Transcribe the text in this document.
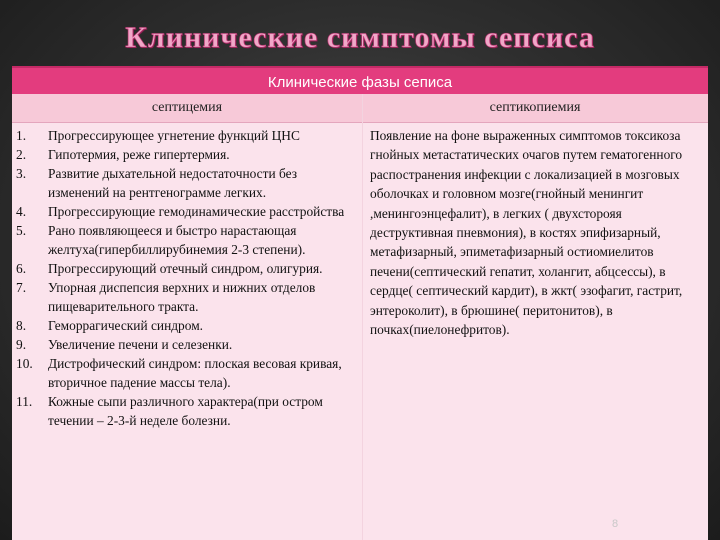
Клинические симптомы сепсиса
Клинические фазы сеписа
септицемия	септикопиемия
1.	Прогрессирующее угнетение функций ЦНС
2.	Гипотермия, реже гипертермия.
3.	Развитие дыхательной недостаточности без изменений на рентгенограмме легких.
4.	Прогрессирующие гемодинамические расстройства
5.	Рано появляющееся и быстро нарастающая желтуха(гипербиллирубинемия 2-3 степени).
6.	Прогрессирующий отечный синдром, олигурия.
7.	Упорная диспепсия верхних и нижних отделов пищеварительного тракта.
8.	Геморрагический синдром.
9.	Увеличение печени и селезенки.
10.	Дистрофический синдром: плоская весовая кривая, вторичное падение массы тела).
11.	Кожные сыпи различного характера(при остром течении – 2-3-й неделе болезни.
Появление на фоне выраженных симптомов токсикоза гнойных метастатических очагов путем гематогенного распостранения инфекции с локализацией в мозговых оболочках и головном мозге(гнойный менингит ,менингоэнцефалит), в легких ( двухсторояя деструктивная пневмония), в костях эпифизарный, метафизарный, эпиметафизарный остиомиелитов печени(септический гепатит, холангит, абцсессы), в сердце( септический кардит), в жкт( эзофагит, гастрит, энтероколит), в брюшине( перитонитов), в почках(пиелонефритов).
8
